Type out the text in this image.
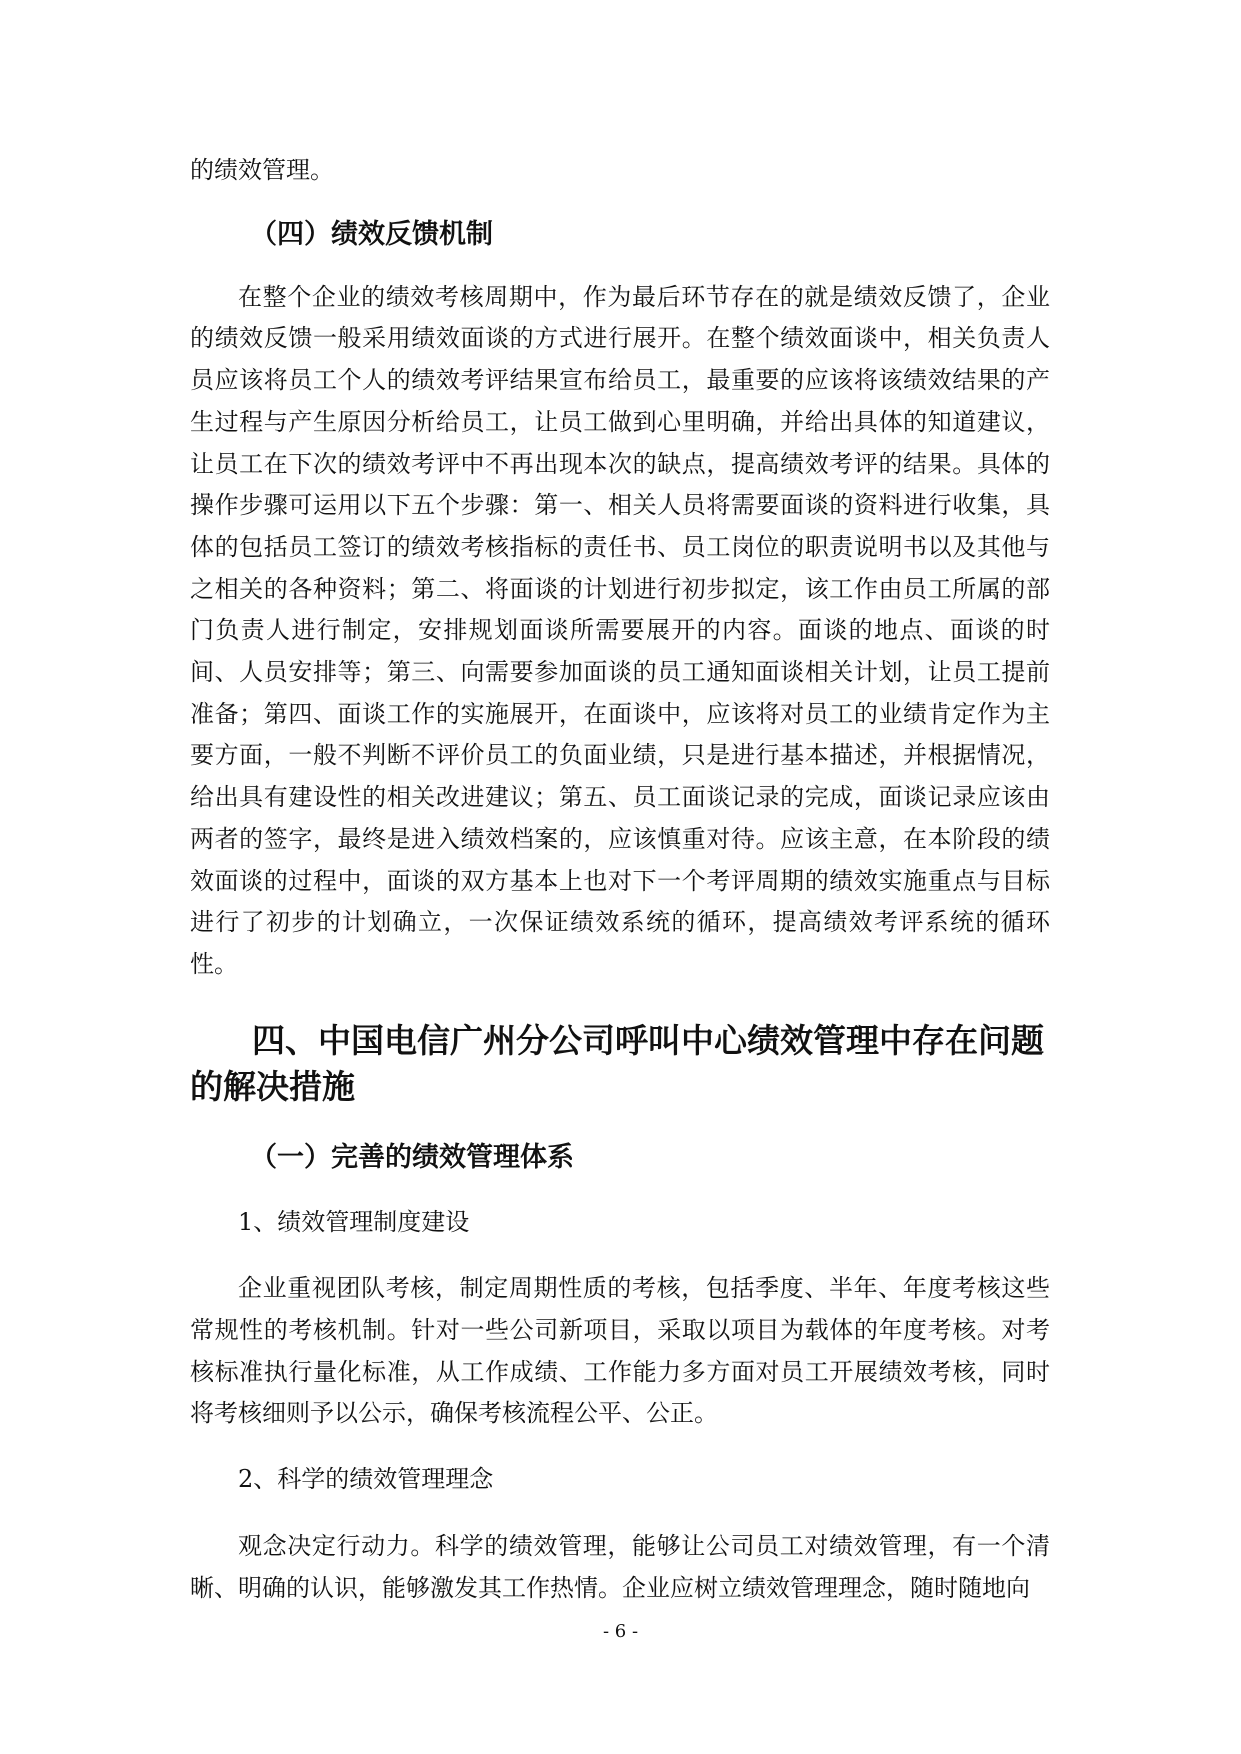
的绩效管理。

（四）绩效反馈机制

在整个企业的绩效考核周期中，作为最后环节存在的就是绩效反馈了，企业的绩效反馈一般采用绩效面谈的方式进行展开。在整个绩效面谈中，相关负责人员应该将员工个人的绩效考评结果宣布给员工，最重要的应该将该绩效结果的产生过程与产生原因分析给员工，让员工做到心里明确，并给出具体的知道建议，让员工在下次的绩效考评中不再出现本次的缺点，提高绩效考评的结果。具体的操作步骤可运用以下五个步骤：第一、相关人员将需要面谈的资料进行收集，具体的包括员工签订的绩效考核指标的责任书、员工岗位的职责说明书以及其他与之相关的各种资料；第二、将面谈的计划进行初步拟定，该工作由员工所属的部门负责人进行制定，安排规划面谈所需要展开的内容。面谈的地点、面谈的时间、人员安排等；第三、向需要参加面谈的员工通知面谈相关计划，让员工提前准备；第四、面谈工作的实施展开，在面谈中，应该将对员工的业绩肯定作为主要方面，一般不判断不评价员工的负面业绩，只是进行基本描述，并根据情况，给出具有建设性的相关改进建议；第五、员工面谈记录的完成，面谈记录应该由两者的签字，最终是进入绩效档案的，应该慎重对待。应该主意，在本阶段的绩效面谈的过程中，面谈的双方基本上也对下一个考评周期的绩效实施重点与目标进行了初步的计划确立，一次保证绩效系统的循环，提高绩效考评系统的循环性。

四、中国电信广州分公司呼叫中心绩效管理中存在问题的解决措施
（一）完善的绩效管理体系

1、绩效管理制度建设

企业重视团队考核，制定周期性质的考核，包括季度、半年、年度考核这些常规性的考核机制。针对一些公司新项目，采取以项目为载体的年度考核。对考核标准执行量化标准，从工作成绩、工作能力多方面对员工开展绩效考核，同时将考核细则予以公示，确保考核流程公平、公正。

2、科学的绩效管理理念

观念决定行动力。科学的绩效管理，能够让公司员工对绩效管理，有一个清晰、明确的认识，能够激发其工作热情。企业应树立绩效管理理念，随时随地向

- 6 -
